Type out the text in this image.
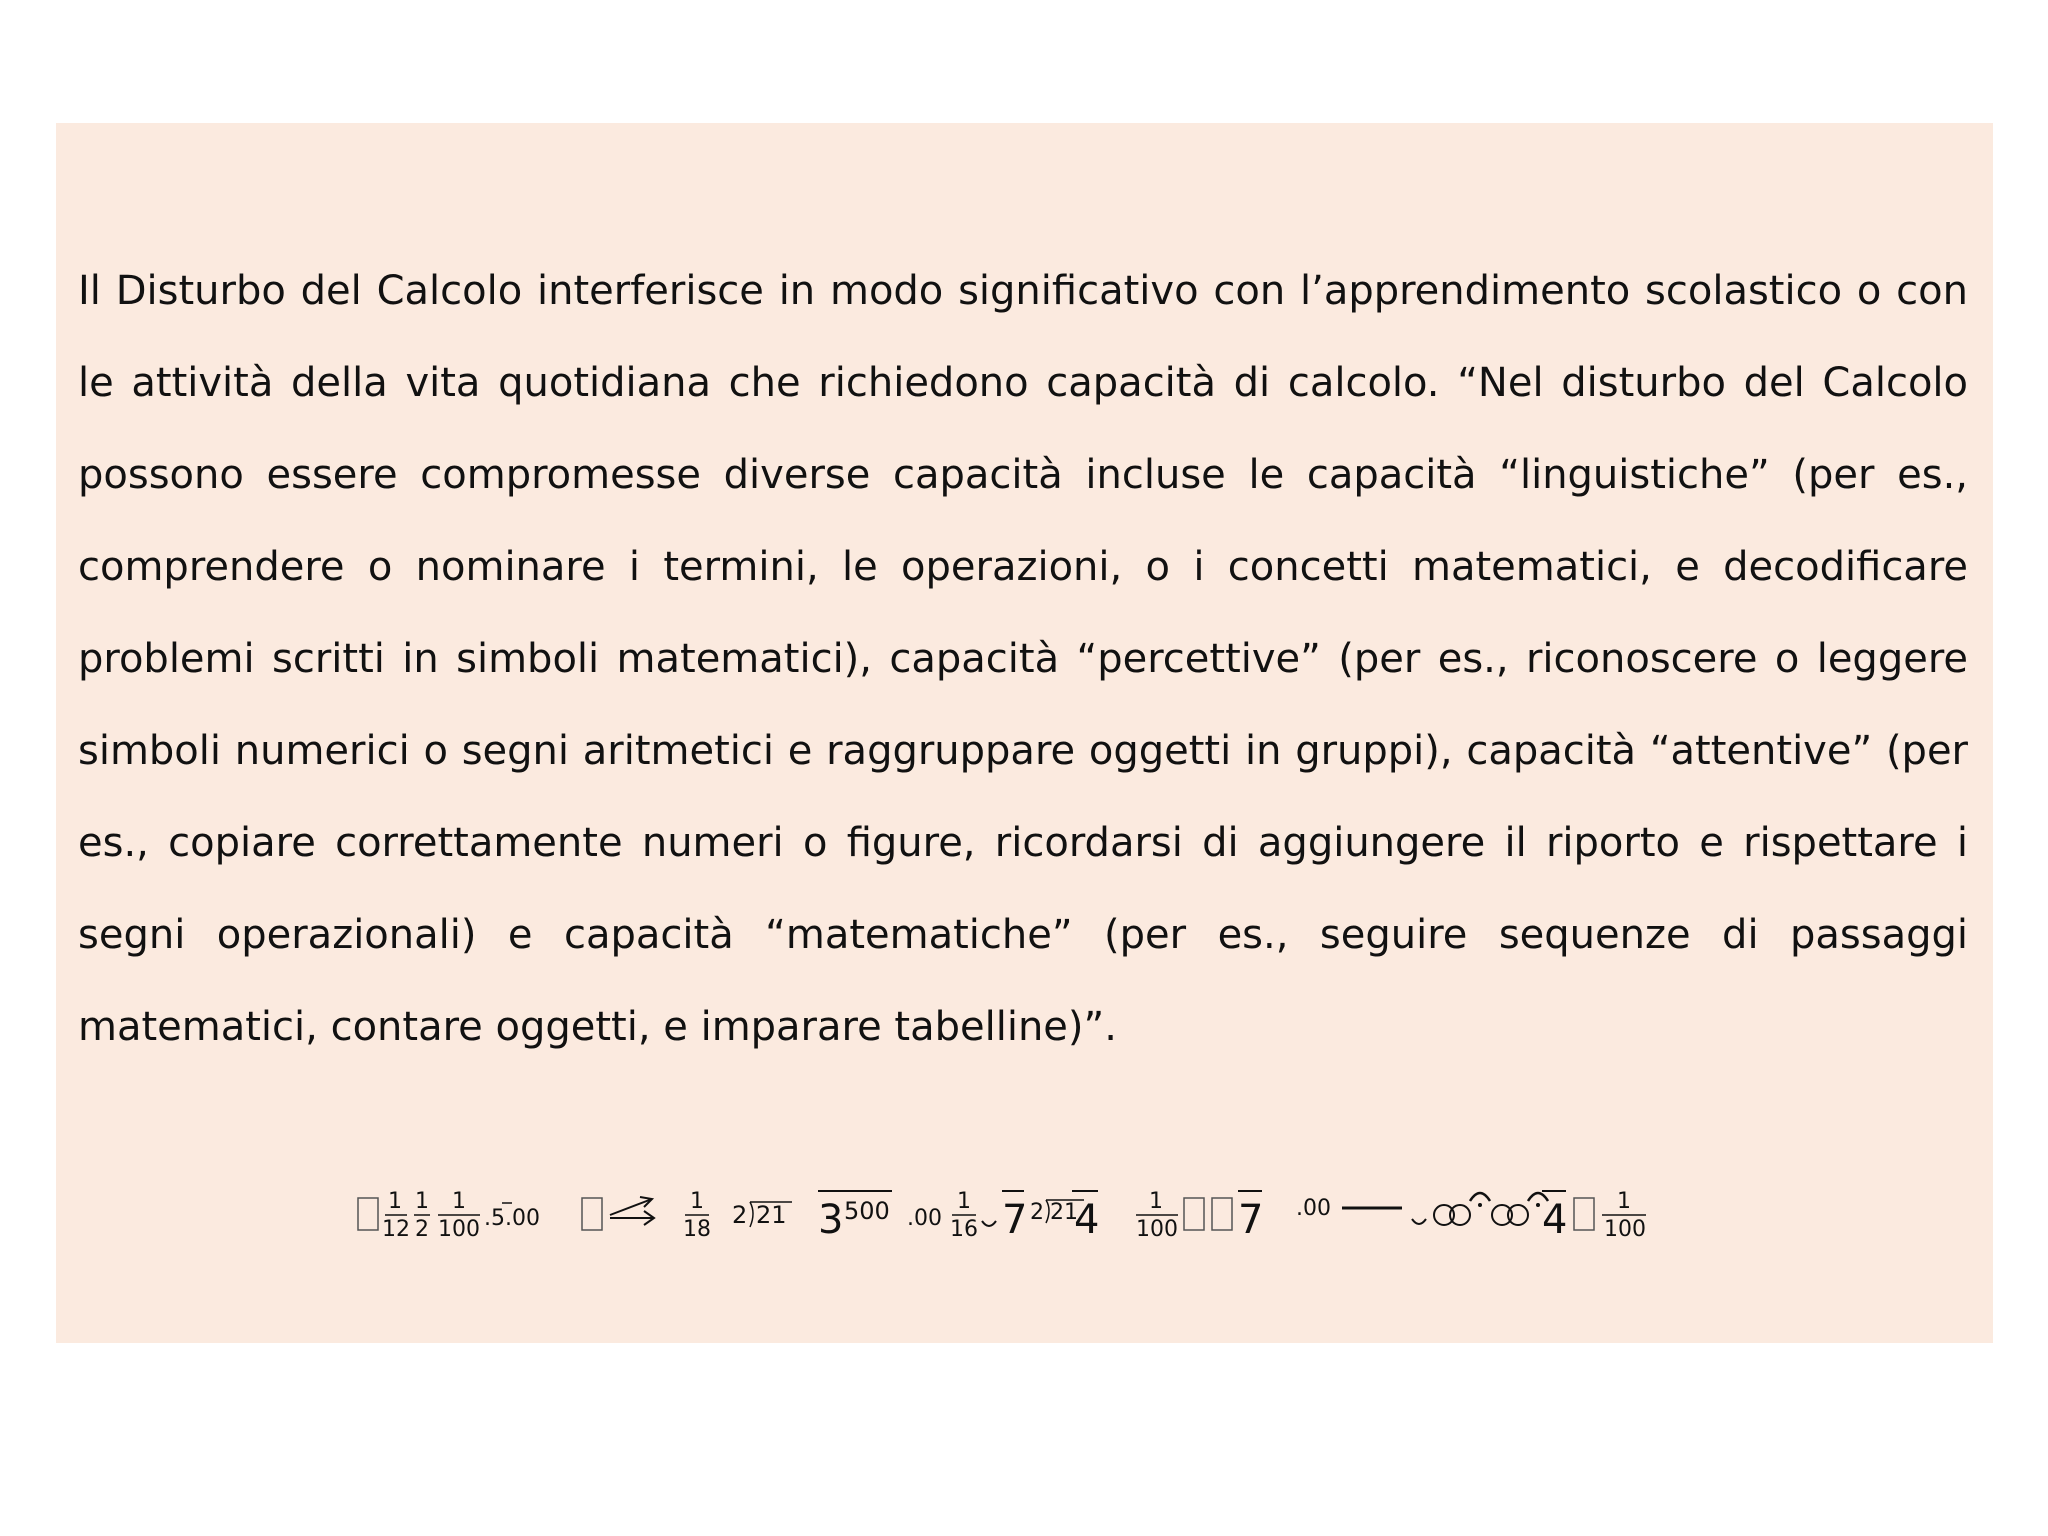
Il Disturbo del Calcolo interferisce in modo significativo con l’apprendimento scolastico o con le attività della vita quotidiana che richiedono capacità di calcolo. “Nel disturbo del Calcolo possono essere compromesse diverse capacità incluse le capacità “linguistiche” (per es., comprendere o nominare i termini, le operazioni, o i concetti matematici, e decodificare problemi scritti in simboli matematici), capacità “percettive” (per es., riconoscere o leggere simboli numerici o segni aritmetici e raggruppare oggetti in gruppi), capacità “attentive” (per es., copiare correttamente numeri o figure, ricordarsi di aggiungere il riporto e rispettare i segni operazionali) e capacità “matematiche” (per es., seguire sequenze di passaggi matematici, contare oggetti, e imparare tabelline)”.

1
12
1
2
1
100 .5.00
1
18
2 21 3 500 .00
1
16 7 2 21
4 1
100 7 .00	4 1
100
